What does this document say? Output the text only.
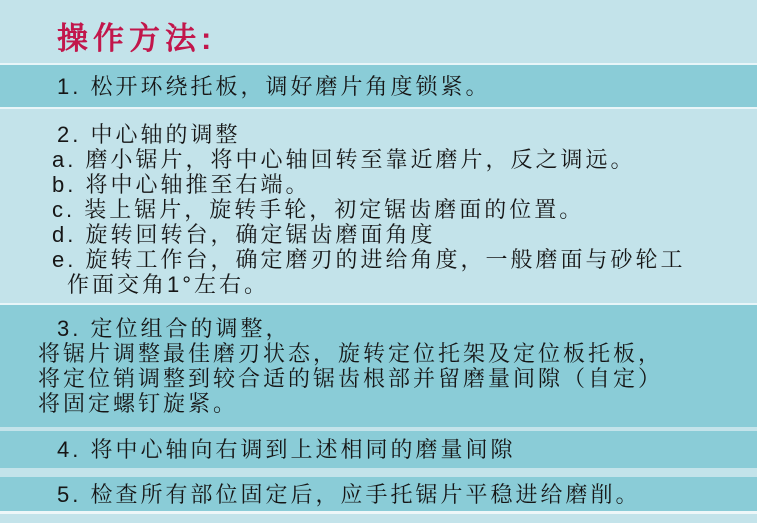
操作方法:
1. 松开环绕托板，调好磨片角度锁紧。
2. 中心轴的调整
a. 磨小锯片，将中心轴回转至靠近磨片，反之调远。
b. 将中心轴推至右端。
c. 装上锯片，旋转手轮，初定锯齿磨面的位置。
d. 旋转回转台，确定锯齿磨面角度
e. 旋转工作台，确定磨刃的进给角度，一般磨面与砂轮工
作面交角1°左右。
3. 定位组合的调整，
将锯片调整最佳磨刃状态，旋转定位托架及定位板托板，
将定位销调整到较合适的锯齿根部并留磨量间隙（自定）
将固定螺钉旋紧。
4. 将中心轴向右调到上述相同的磨量间隙
5. 检查所有部位固定后，应手托锯片平稳进给磨削。
